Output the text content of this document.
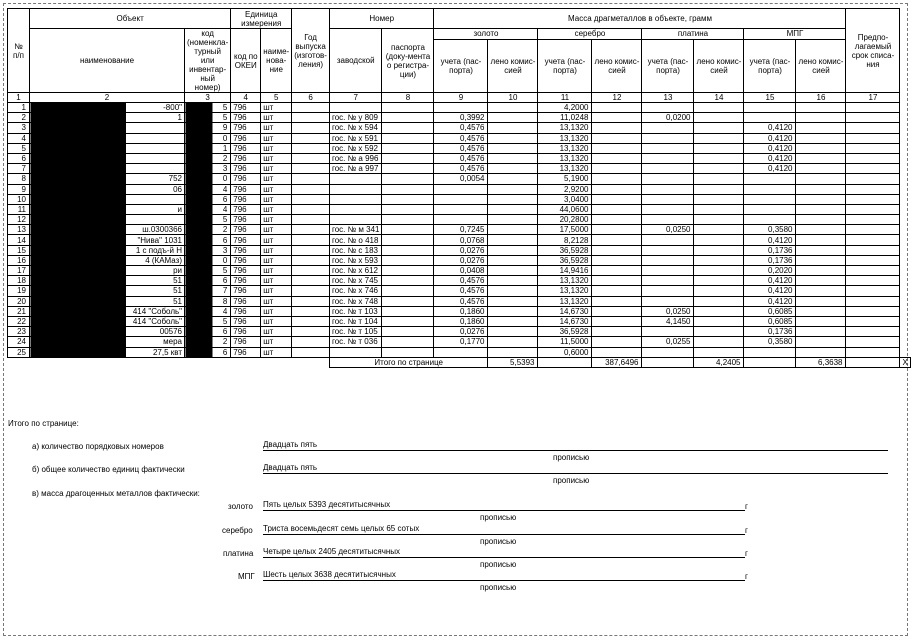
№ п/п	Объект		Единица измерения		Год выпуска (изготов-ления)	Номер		Масса драгметаллов в объекте, грамм								Предпо-лагаемый срок списа-ния	
	наименование	код (номенкла-турный или инвентар-ный номер)	код по ОКЕИ	наиме-нова-ние		заводской	паспорта (доку-мента о регистра-ции)	золото		серебро		платина		МПГ			
								учета (пас-порта)	лено комис-сией	учета (пас-порта)	лено комис-сией	учета (пас-порта)	лено комис-сией	учета (пас-порта)	лено комис-сией		
1	2	3	4	5	6	7	8	9	10	11	12	13	14	15	16	17	
1	-800"	5	796	шт						4,2000							
2	1	5	796	шт		гос. № у 809		0,3992		11,0248		0,0200					
3		9	796	шт		гос. № х 594		0,4576		13,1320				0,4120			
4		0	796	шт		гос. № х 591		0,4576		13,1320				0,4120			
5		1	796	шт		гос. № х 592		0,4576		13,1320				0,4120			
6		2	796	шт		гос. № а 996		0,4576		13,1320				0,4120			
7		3	796	шт		гос. № а 997		0,4576		13,1320				0,4120			
8	752	0	796	шт				0,0054		5,1900							
9	06	4	796	шт						2,9200							
10		6	796	шт						3,0400							
11	и	4	796	шт						44,0600							
12		5	796	шт						20,2800							
13	ш.0300366	2	796	шт		гос. № м 341		0,7245		17,5000		0,0250		0,3580			
14	"Нива" 1031	6	796	шт		гос. № о 418		0,0768		8,2128				0,4120			
15	1 с подъ-й Н	3	796	шт		гос. № с 183		0,0276		36,5928				0,1736			
16	4 (КАМаз)	0	796	шт		гос. № х 593		0,0276		36,5928				0,1736			
17	ри	5	796	шт		гос. № х 612		0,0408		14,9416				0,2020			
18	51	6	796	шт		гос. № х 745		0,4576		13,1320				0,4120			
19	51	7	796	шт		гос. № х 746		0,4576		13,1320				0,4120			
20	51	8	796	шт		гос. № х 748		0,4576		13,1320				0,4120			
21	414 "Соболь"	4	796	шт		гос. № т 103		0,1860		14,6730		0,0250		0,6085			
22	414 "Соболь"	5	796	шт		гос. № т 104		0,1860		14,6730		4,1450		0,6085			
23	00576	6	796	шт		гос. № т 105		0,0276		36,5928				0,1736			
24	мера	2	796	шт		гос. № т 036		0,1770		11,5000		0,0255		0,3580			
25	27,5 квт	6	796	шт						0,6000							
						Итого по странице			5,5393		387,6496		4,2405		6,3638		Х
Итого по странице:
а) количество порядковых номеров	Двадцать пять
прописью
б) общее количество единиц фактически	Двадцать пять
прописью
в) масса драгоценных металлов фактически:
золото Пять целых 5393 десятитысячных	г
прописью
серебро Триста восемьдесят семь целых 65 сотых	г
прописью
платина Четыре целых 2405 десятитысячных	г
прописью
МПГ Шесть целых 3638 десятитысячных	г
прописью
